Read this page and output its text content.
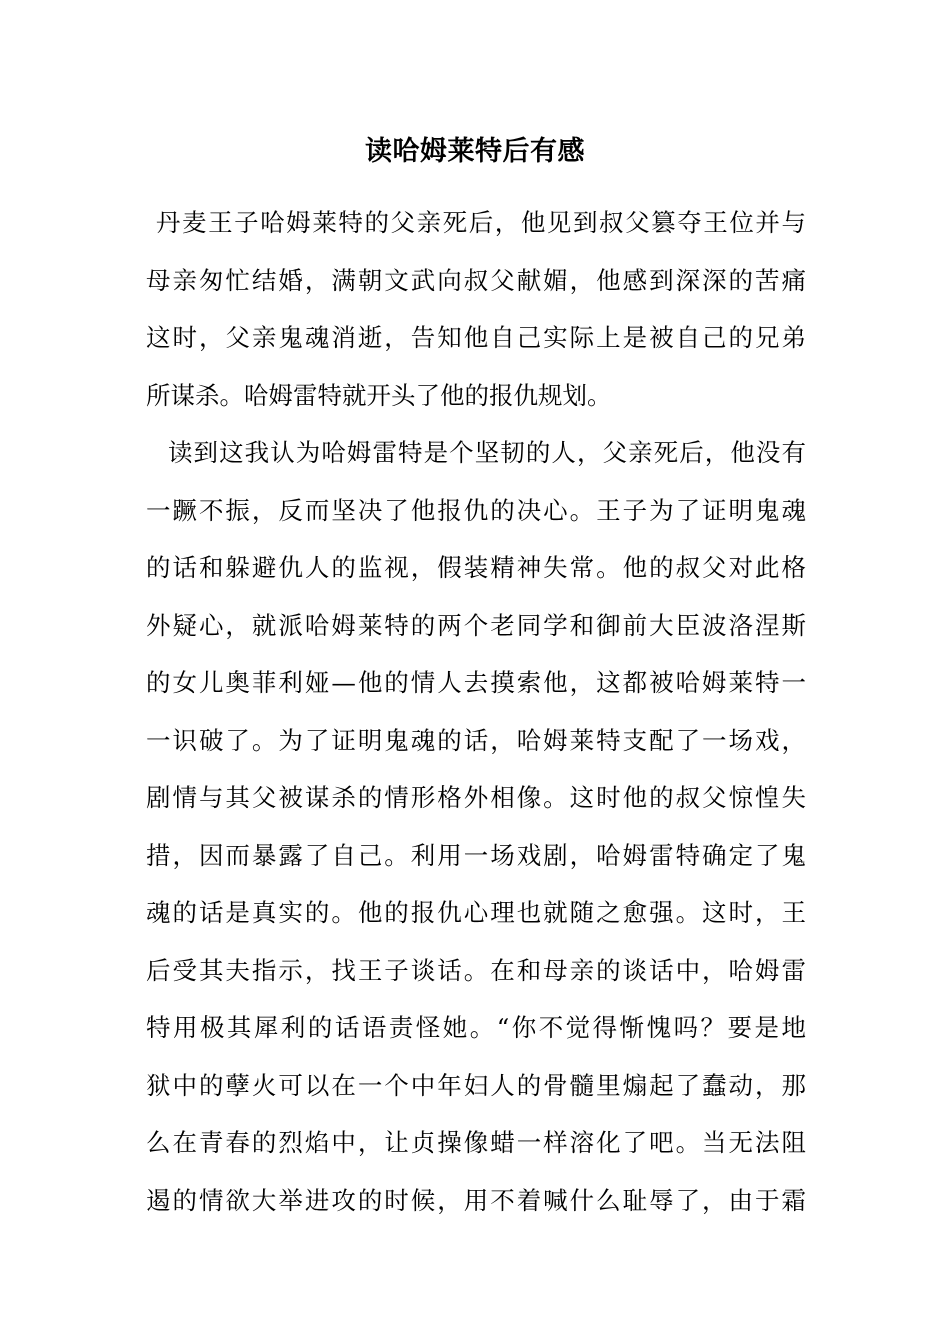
读哈姆莱特后有感
丹麦王子哈姆莱特的父亲死后，他见到叔父篡夺王位并与
母亲匆忙结婚，满朝文武向叔父献媚，他感到深深的苦痛
这时，父亲鬼魂消逝，告知他自己实际上是被自己的兄弟
所谋杀。哈姆雷特就开头了他的报仇规划。
读到这我认为哈姆雷特是个坚韧的人，父亲死后，他没有
一蹶不振，反而坚决了他报仇的决心。王子为了证明鬼魂
的话和躲避仇人的监视，假装精神失常。他的叔父对此格
外疑心，就派哈姆莱特的两个老同学和御前大臣波洛涅斯
的女儿奥菲利娅—他的情人去摸索他，这都被哈姆莱特一
一识破了。为了证明鬼魂的话，哈姆莱特支配了一场戏，
剧情与其父被谋杀的情形格外相像。这时他的叔父惊惶失
措，因而暴露了自己。利用一场戏剧，哈姆雷特确定了鬼
魂的话是真实的。他的报仇心理也就随之愈强。这时，王
后受其夫指示，找王子谈话。在和母亲的谈话中，哈姆雷
特用极其犀利的话语责怪她。“你不觉得惭愧吗？要是地
狱中的孽火可以在一个中年妇人的骨髓里煽起了蠢动，那
么在青春的烈焰中，让贞操像蜡一样溶化了吧。当无法阻
遏的情欲大举进攻的时候，用不着喊什么耻辱了，由于霜
